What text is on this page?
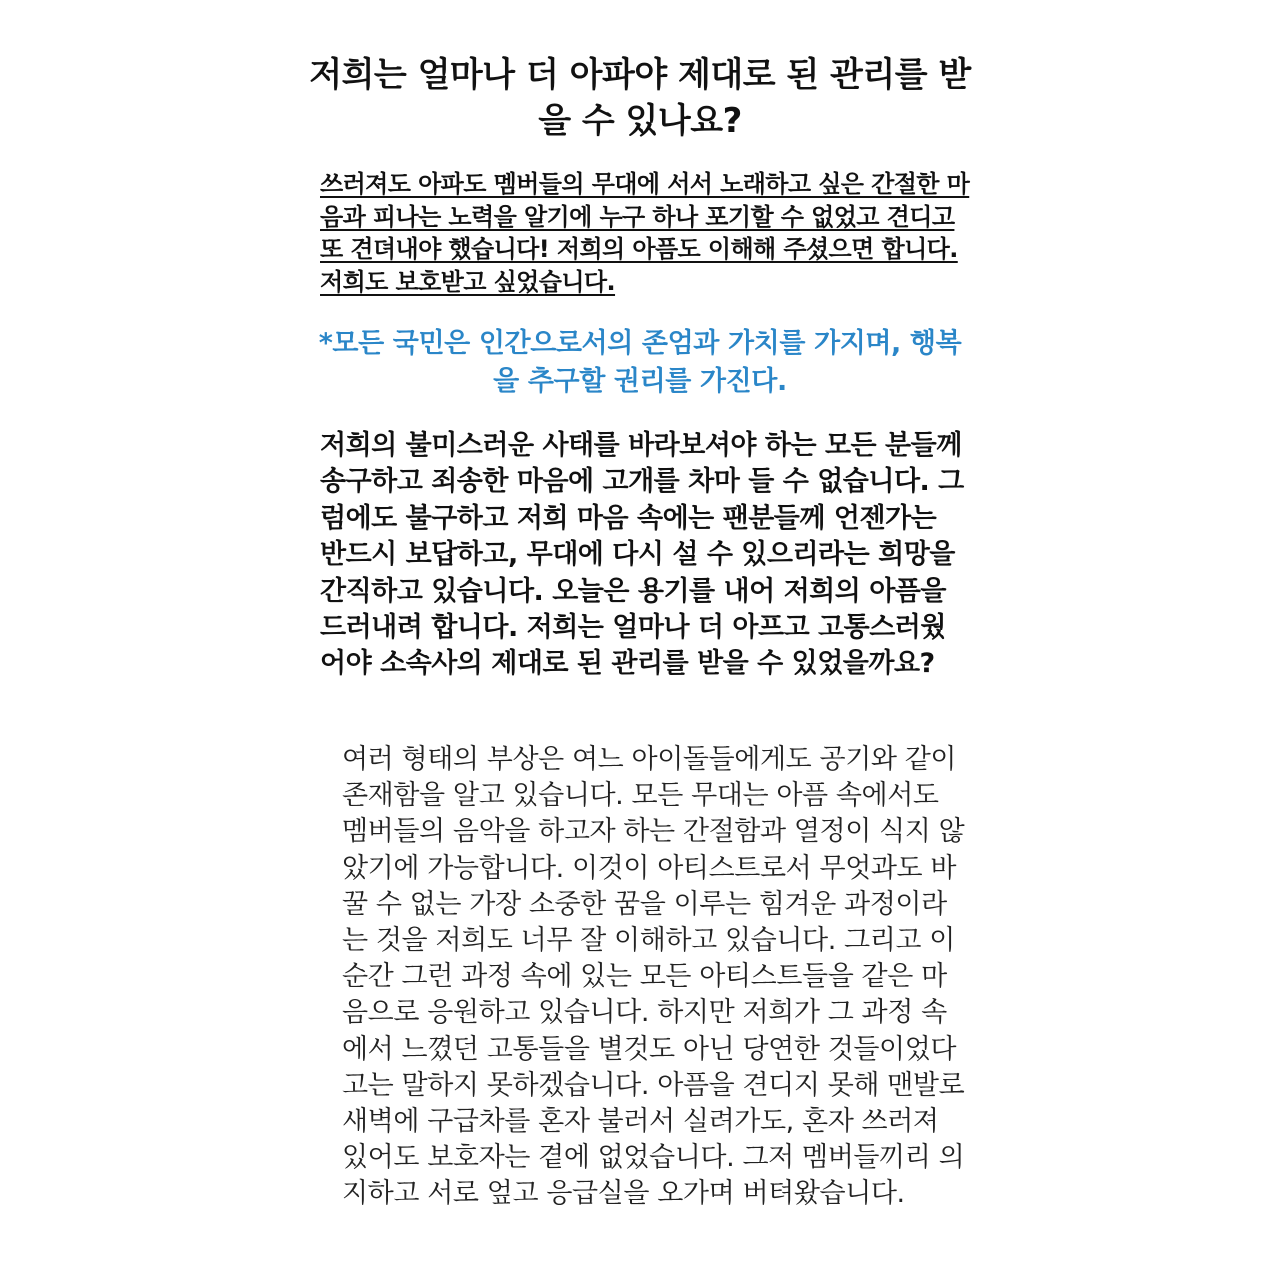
저희는 얼마나 더 아파야 제대로 된 관리를 받을 수 있나요?

쓰러져도 아파도 멤버들의 무대에 서서 노래하고 싶은 간절한 마음과 피나는 노력을 알기에 누구 하나 포기할 수 없었고 견디고 또 견뎌내야 했습니다! 저희의 아픔도 이해해 주셨으면 합니다. 저희도 보호받고 싶었습니다.

*모든 국민은 인간으로서의 존엄과 가치를 가지며, 행복을 추구할 권리를 가진다.

저희의 불미스러운 사태를 바라보셔야 하는 모든 분들께 송구하고 죄송한 마음에 고개를 차마 들 수 없습니다. 그럼에도 불구하고 저희 마음 속에는 팬분들께 언젠가는 반드시 보답하고, 무대에 다시 설 수 있으리라는 희망을 간직하고 있습니다. 오늘은 용기를 내어 저희의 아픔을 드러내려 합니다. 저희는 얼마나 더 아프고 고통스러웠어야 소속사의 제대로 된 관리를 받을 수 있었을까요?

여러 형태의 부상은 여느 아이돌들에게도 공기와 같이 존재함을 알고 있습니다. 모든 무대는 아픔 속에서도 멤버들의 음악을 하고자 하는 간절함과 열정이 식지 않았기에 가능합니다. 이것이 아티스트로서 무엇과도 바꿀 수 없는 가장 소중한 꿈을 이루는 힘겨운 과정이라는 것을 저희도 너무 잘 이해하고 있습니다. 그리고 이 순간 그런 과정 속에 있는 모든 아티스트들을 같은 마음으로 응원하고 있습니다. 하지만 저희가 그 과정 속에서 느꼈던 고통들을 별것도 아닌 당연한 것들이었다고는 말하지 못하겠습니다. 아픔을 견디지 못해 맨발로 새벽에 구급차를 혼자 불러서 실려가도, 혼자 쓰러져 있어도 보호자는 곁에 없었습니다. 그저 멤버들끼리 의지하고 서로 엎고 응급실을 오가며 버텨왔습니다.
